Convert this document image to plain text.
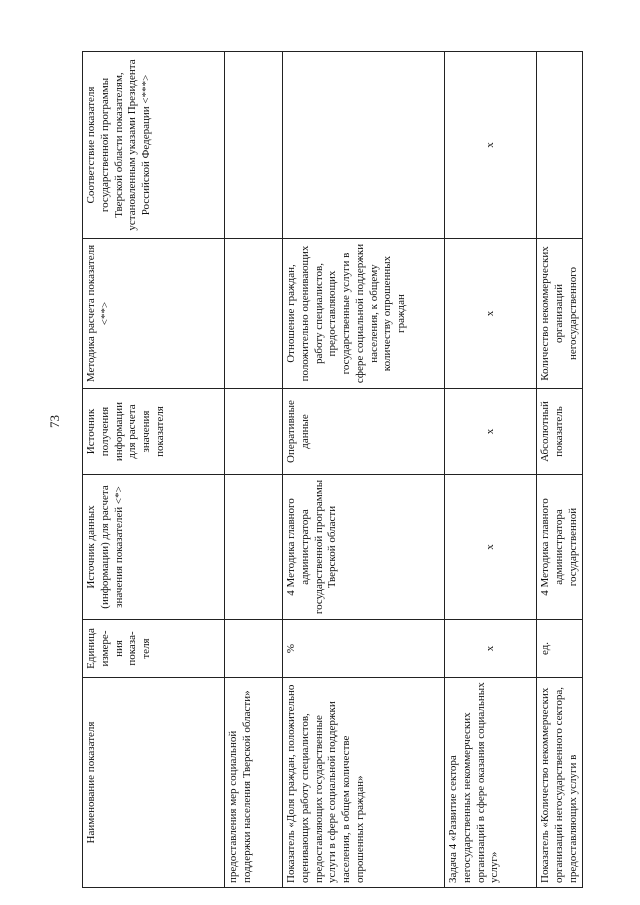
73
Наименование показателя	Единица измере-ния показа-теля	Источник данных (информации) для расчета значения показателей <*>	Источник получения информации для расчета значения показателя	Методика расчета показателя <**>	Соответствие показателя государственной программы Тверской области показателям, установленным указами Президента Российской Федерации <***>
предоставления мер социальной поддержки населения Тверской области»					
Показатель «Доля граждан, положительно оценивающих работу специалистов, предоставляющих государственные услуги в сфере социальной поддержки населения, в общем количестве опрошенных граждан»	%	4 Методика главного администратора государственной программы Тверской области	Оперативные данные	Отношение граждан, положительно оценивающих работу специалистов, предоставляющих государственные услуги в сфере социальной поддержки населения, к общему количеству опрошенных граждан	
Задача 4 «Развитие сектора негосударственных некоммерческих организаций в сфере оказания социальных услуг»	x	x	x	x	x
Показатель «Количество некоммерческих организаций негосударственного сектора, предоставляющих услуги в	ед.	4 Методика главного администратора государственной	Абсолютный показатель	Количество некоммерческих организаций негосударственного	
